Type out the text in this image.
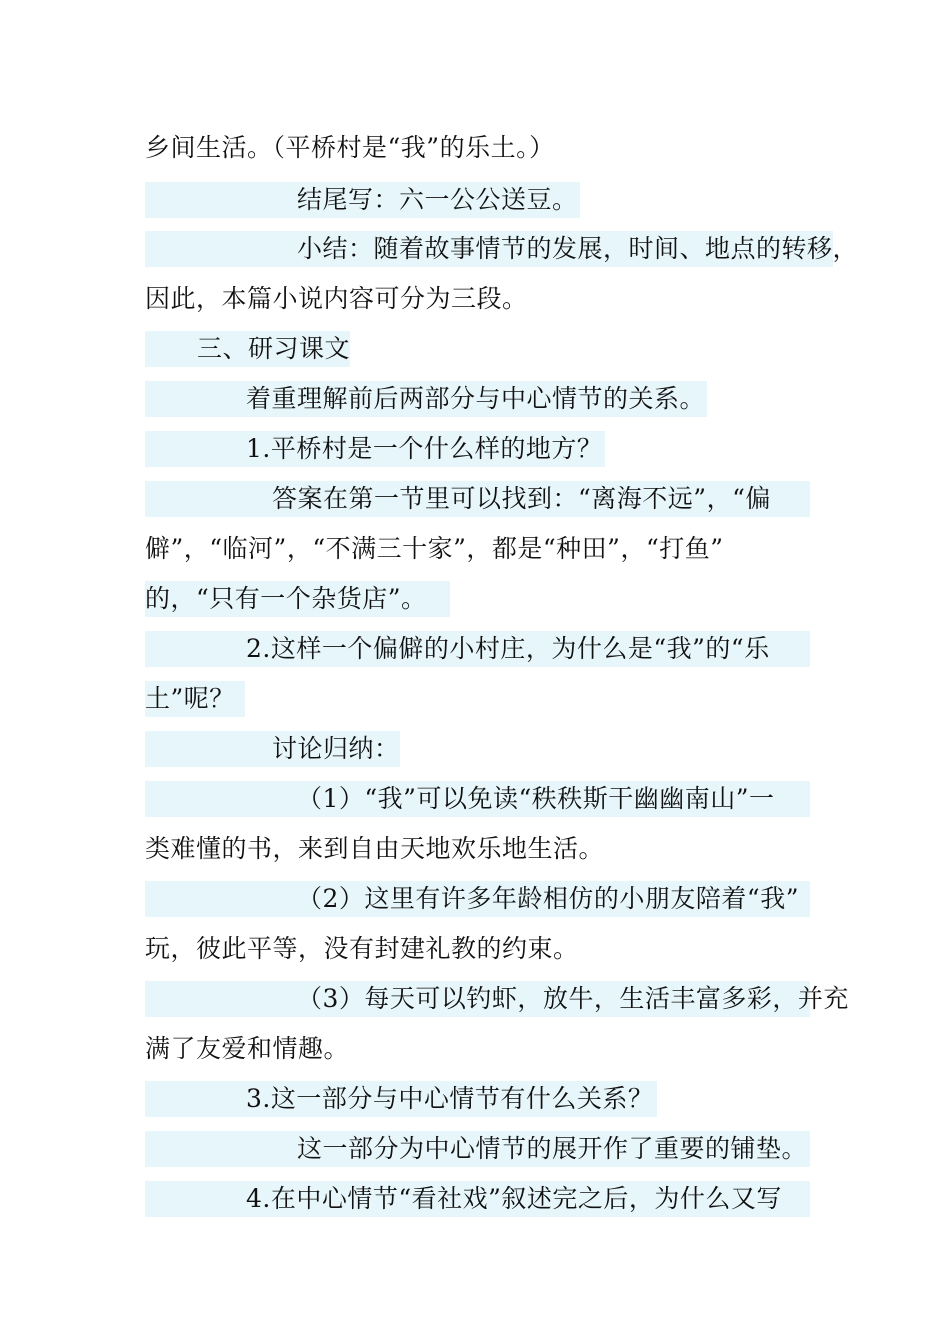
乡间生活。（平桥村是“我”的乐土。）
结尾写：六一公公送豆。
小结：随着故事情节的发展，时间、地点的转移，
因此，本篇小说内容可分为三段。
三、研习课文
着重理解前后两部分与中心情节的关系。
1.平桥村是一个什么样的地方？
答案在第一节里可以找到：“离海不远”，“偏
僻”，“临河”，“不满三十家”，都是“种田”，“打鱼”
的，“只有一个杂货店”。
2.这样一个偏僻的小村庄，为什么是“我”的“乐
土”呢？
讨论归纳：
（1）“我”可以免读“秩秩斯干幽幽南山”一
类难懂的书，来到自由天地欢乐地生活。
（2）这里有许多年龄相仿的小朋友陪着“我”
玩，彼此平等，没有封建礼教的约束。
（3）每天可以钓虾，放牛，生活丰富多彩，并充
满了友爱和情趣。
3.这一部分与中心情节有什么关系？
这一部分为中心情节的展开作了重要的铺垫。
4.在中心情节“看社戏”叙述完之后，为什么又写
